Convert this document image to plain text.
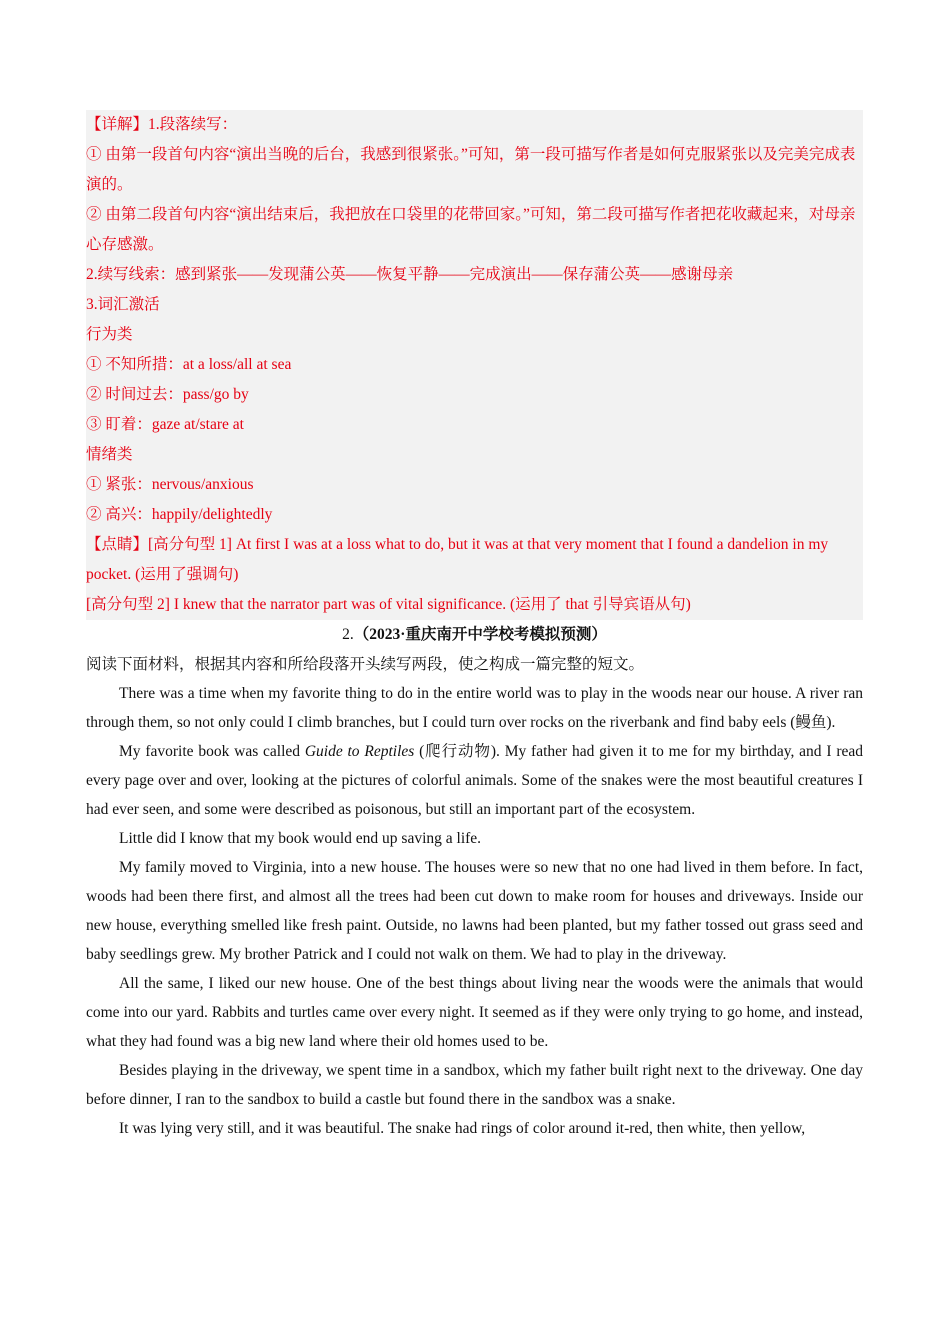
【详解】1.段落续写：
① 由第一段首句内容“演出当晚的后台，我感到很紧张。”可知，第一段可描写作者是如何克服紧张以及完美完成表演的。
② 由第二段首句内容“演出结束后，我把放在口袋里的花带回家。”可知，第二段可描写作者把花收藏起来，对母亲心存感激。
2.续写线索：感到紧张——发现蒲公英——恢复平静——完成演出——保存蒲公英——感谢母亲
3.词汇激活
行为类
① 不知所措：at a loss/all at sea
② 时间过去：pass/go by
③ 盯着：gaze at/stare at
情绪类
① 紧张：nervous/anxious
② 高兴：happily/delightedly
【点睛】[高分句型 1] At first I was at a loss what to do, but it was at that very moment that I found a dandelion in my pocket. (运用了强调句)
[高分句型 2] I knew that the narrator part was of vital significance. (运用了 that 引导宾语从句)
2.（2023·重庆南开中学校考模拟预测）
阅读下面材料，根据其内容和所给段落开头续写两段，使之构成一篇完整的短文。

There was a time when my favorite thing to do in the entire world was to play in the woods near our house. A river ran through them, so not only could I climb branches, but I could turn over rocks on the riverbank and find baby eels (鳗鱼).

My favorite book was called Guide to Reptiles (爬行动物). My father had given it to me for my birthday, and I read every page over and over, looking at the pictures of colorful animals. Some of the snakes were the most beautiful creatures I had ever seen, and some were described as poisonous, but still an important part of the ecosystem.

Little did I know that my book would end up saving a life.

My family moved to Virginia, into a new house. The houses were so new that no one had lived in them before. In fact, woods had been there first, and almost all the trees had been cut down to make room for houses and driveways. Inside our new house, everything smelled like fresh paint. Outside, no lawns had been planted, but my father tossed out grass seed and baby seedlings grew. My brother Patrick and I could not walk on them. We had to play in the driveway.

All the same, I liked our new house. One of the best things about living near the woods were the animals that would come into our yard. Rabbits and turtles came over every night. It seemed as if they were only trying to go home, and instead, what they had found was a big new land where their old homes used to be.

Besides playing in the driveway, we spent time in a sandbox, which my father built right next to the driveway. One day before dinner, I ran to the sandbox to build a castle but found there in the sandbox was a snake.

It was lying very still, and it was beautiful. The snake had rings of color around it-red, then white, then yellow,
